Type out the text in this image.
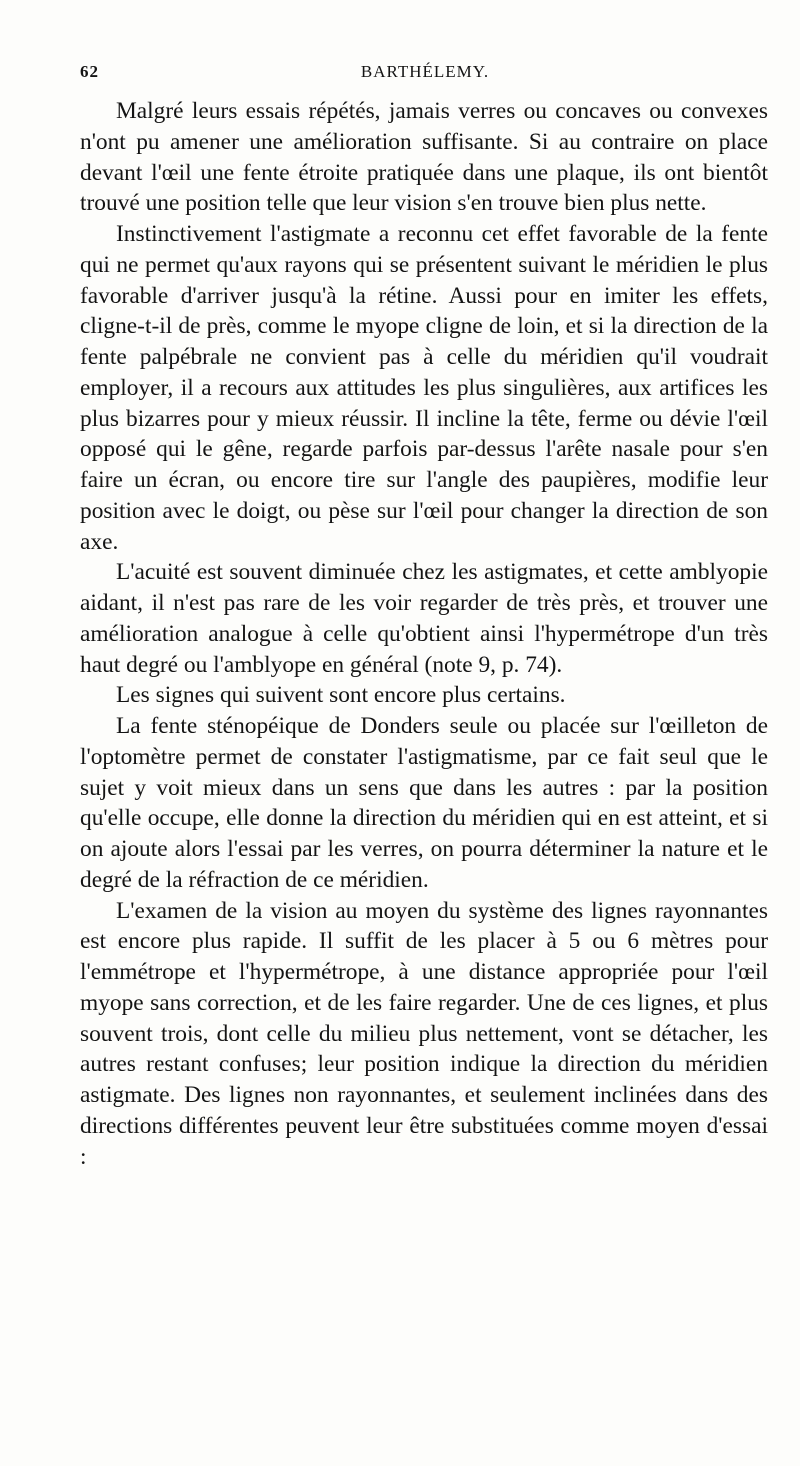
62	BARTHÉLEMY.

Malgré leurs essais répétés, jamais verres ou concaves ou convexes n'ont pu amener une amélioration suffisante. Si au contraire on place devant l'œil une fente étroite pratiquée dans une plaque, ils ont bientôt trouvé une position telle que leur vision s'en trouve bien plus nette.

Instinctivement l'astigmate a reconnu cet effet favorable de la fente qui ne permet qu'aux rayons qui se présentent suivant le méridien le plus favorable d'arriver jusqu'à la rétine. Aussi pour en imiter les effets, cligne-t-il de près, comme le myope cligne de loin, et si la direction de la fente palpébrale ne convient pas à celle du méridien qu'il voudrait employer, il a recours aux attitudes les plus singulières, aux artifices les plus bizarres pour y mieux réussir. Il incline la tête, ferme ou dévie l'œil opposé qui le gêne, regarde parfois par-dessus l'arête nasale pour s'en faire un écran, ou encore tire sur l'angle des paupières, modifie leur position avec le doigt, ou pèse sur l'œil pour changer la direction de son axe.

L'acuité est souvent diminuée chez les astigmates, et cette amblyopie aidant, il n'est pas rare de les voir regarder de très près, et trouver une amélioration analogue à celle qu'obtient ainsi l'hypermétrope d'un très haut degré ou l'amblyope en général (note 9, p. 74).

Les signes qui suivent sont encore plus certains.

La fente sténopéique de Donders seule ou placée sur l'œilleton de l'optomètre permet de constater l'astigmatisme, par ce fait seul que le sujet y voit mieux dans un sens que dans les autres : par la position qu'elle occupe, elle donne la direction du méridien qui en est atteint, et si on ajoute alors l'essai par les verres, on pourra déterminer la nature et le degré de la réfraction de ce méridien.

L'examen de la vision au moyen du système des lignes rayonnantes est encore plus rapide. Il suffit de les placer à 5 ou 6 mètres pour l'emmétrope et l'hypermétrope, à une distance appropriée pour l'œil myope sans correction, et de les faire regarder. Une de ces lignes, et plus souvent trois, dont celle du milieu plus nettement, vont se détacher, les autres restant confuses; leur position indique la direction du méridien astigmate. Des lignes non rayonnantes, et seulement inclinées dans des directions différentes peuvent leur être substituées comme moyen d'essai :
